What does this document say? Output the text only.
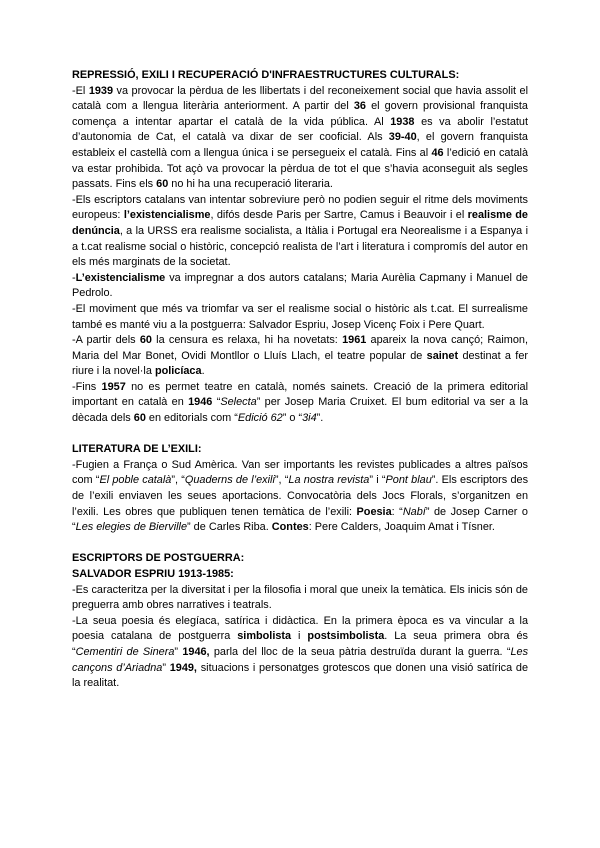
REPRESSIÓ, EXILI I RECUPERACIÓ D'INFRAESTRUCTURES CULTURALS:

-El 1939 va provocar la pèrdua de les llibertats i del reconeixement social que havia assolit el català com a llengua literària anteriorment. A partir del 36 el govern provisional franquista comença a intentar apartar el català de la vida pública. Al 1938 es va abolir l’estatut d’autonomia de Cat, el català va dixar de ser cooficial. Als 39-40, el govern franquista estableix el castellà com a llengua única i se persegueix el català. Fins al 46 l’edició en català va estar prohibida. Tot açò va provocar la pèrdua de tot el que s’havia aconseguit als segles passats. Fins els 60 no hi ha una recuperació literaria.

-Els escriptors catalans van intentar sobreviure però no podien seguir el ritme dels moviments europeus: l’existencialisme, difós desde Paris per Sartre, Camus i Beauvoir i el realisme de denúncia, a la URSS era realisme socialista, a Itàlia i Portugal era Neorealisme i a Espanya i a t.cat realisme social o històric, concepció realista de l’art i literatura i compromís del autor en els més marginats de la societat.

-L’existencialisme va impregnar a dos autors catalans; Maria Aurèlia Capmany i Manuel de Pedrolo.

-El moviment que més va triomfar va ser el realisme social o històric als t.cat. El surrealisme també es manté viu a la postguerra: Salvador Espriu, Josep Vicenç Foix i Pere Quart.

-A partir dels 60 la censura es relaxa, hi ha novetats: 1961 apareix la nova cançó; Raimon, Maria del Mar Bonet, Ovidi Montllor o Lluís Llach, el teatre popular de sainet destinat a fer riure i la novel·la policíaca.

-Fins 1957 no es permet teatre en català, només sainets. Creació de la primera editorial important en català en 1946 “Selecta” per Josep Maria Cruixet. El bum editorial va ser a la dècada dels 60 en editorials com “Edició 62” o “3i4”.

LITERATURA DE L’EXILI:

-Fugien a França o Sud Amèrica. Van ser importants les revistes publicades a altres països com “El poble català”, “Quaderns de l’exili”, “La nostra revista” i “Pont blau”. Els escriptors des de l’exili enviaven les seues aportacions. Convocatòria dels Jocs Florals, s’organitzen en l’exili. Les obres que publiquen tenen temàtica de l’exili: Poesia: “Nabí” de Josep Carner o “Les elegies de Bierville” de Carles Riba. Contes: Pere Calders, Joaquim Amat i Tísner.

ESCRIPTORS DE POSTGUERRA:

SALVADOR ESPRIU 1913-1985:

-Es caracteritza per la diversitat i per la filosofia i moral que uneix la temàtica. Els inicis són de preguerra amb obres narratives i teatrals.

-La seua poesia és elegíaca, satírica i didàctica. En la primera època es va vincular a la poesia catalana de postguerra simbolista i postsimbolista. La seua primera obra és “Cementiri de Sinera” 1946, parla del lloc de la seua pàtria destruïda durant la guerra. “Les cançons d’Ariadna” 1949, situacions i personatges grotescos que donen una visió satírica de la realitat.
